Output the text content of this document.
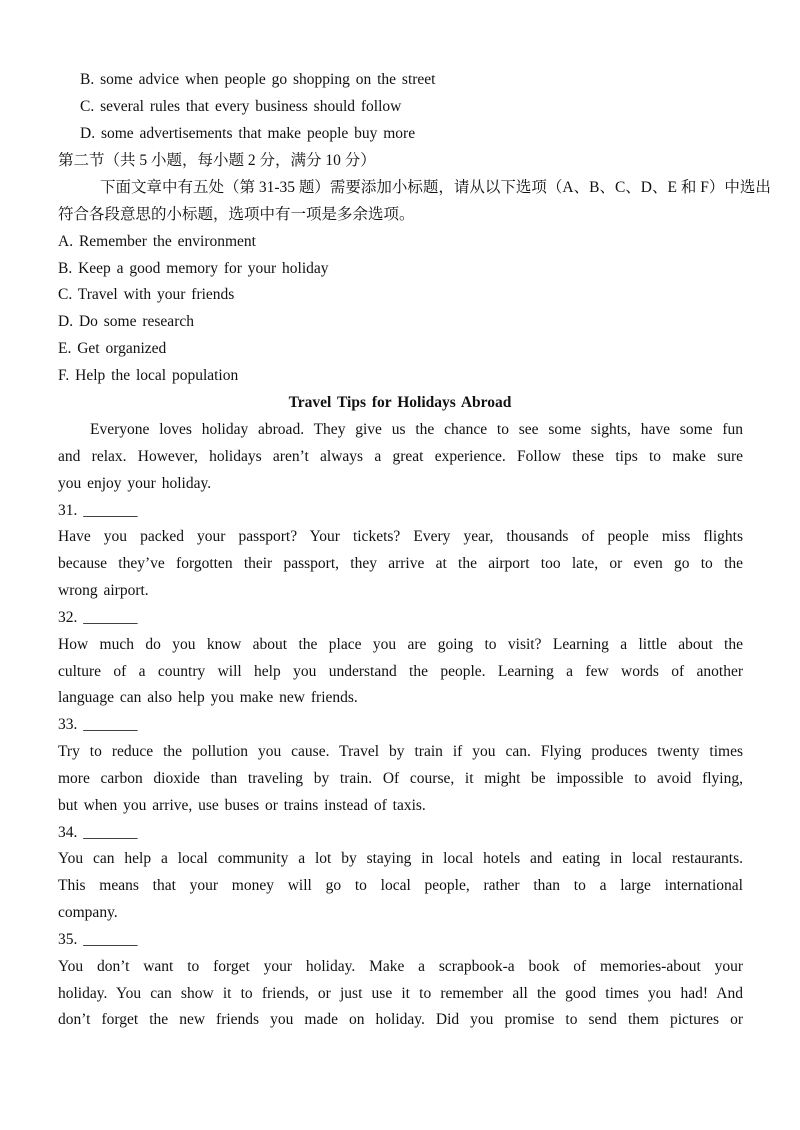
B. some advice when people go shopping on the street
C. several rules that every business should follow
D. some advertisements that make people buy more
第二节（共 5 小题，每小题 2 分，满分 10 分）
下面文章中有五处（第 31-35 题）需要添加小标题，请从以下选项（A、B、C、D、E 和 F）中选出
符合各段意思的小标题，选项中有一项是多余选项。
A. Remember the environment
B. Keep a good memory for your holiday
C. Travel with your friends
D. Do some research
E. Get organized
F. Help the local population
Travel Tips for Holidays Abroad
Everyone loves holiday abroad. They give us the chance to see some sights, have some fun
and relax. However, holidays aren’t always a great experience. Follow these tips to make sure
you enjoy your holiday.
31. _______
Have you packed your passport? Your tickets? Every year, thousands of people miss flights
because they’ve forgotten their passport, they arrive at the airport too late, or even go to the
wrong airport.
32. _______
How much do you know about the place you are going to visit? Learning a little about the
culture of a country will help you understand the people. Learning a few words of another
language can also help you make new friends.
33. _______
Try to reduce the pollution you cause. Travel by train if you can. Flying produces twenty times
more carbon dioxide than traveling by train. Of course, it might be impossible to avoid flying,
but when you arrive, use buses or trains instead of taxis.
34. _______
You can help a local community a lot by staying in local hotels and eating in local restaurants.
This means that your money will go to local people, rather than to a large international
company.
35. _______
You don’t want to forget your holiday. Make a scrapbook-a book of memories-about your
holiday. You can show it to friends, or just use it to remember all the good times you had! And
don’t forget the new friends you made on holiday. Did you promise to send them pictures or
